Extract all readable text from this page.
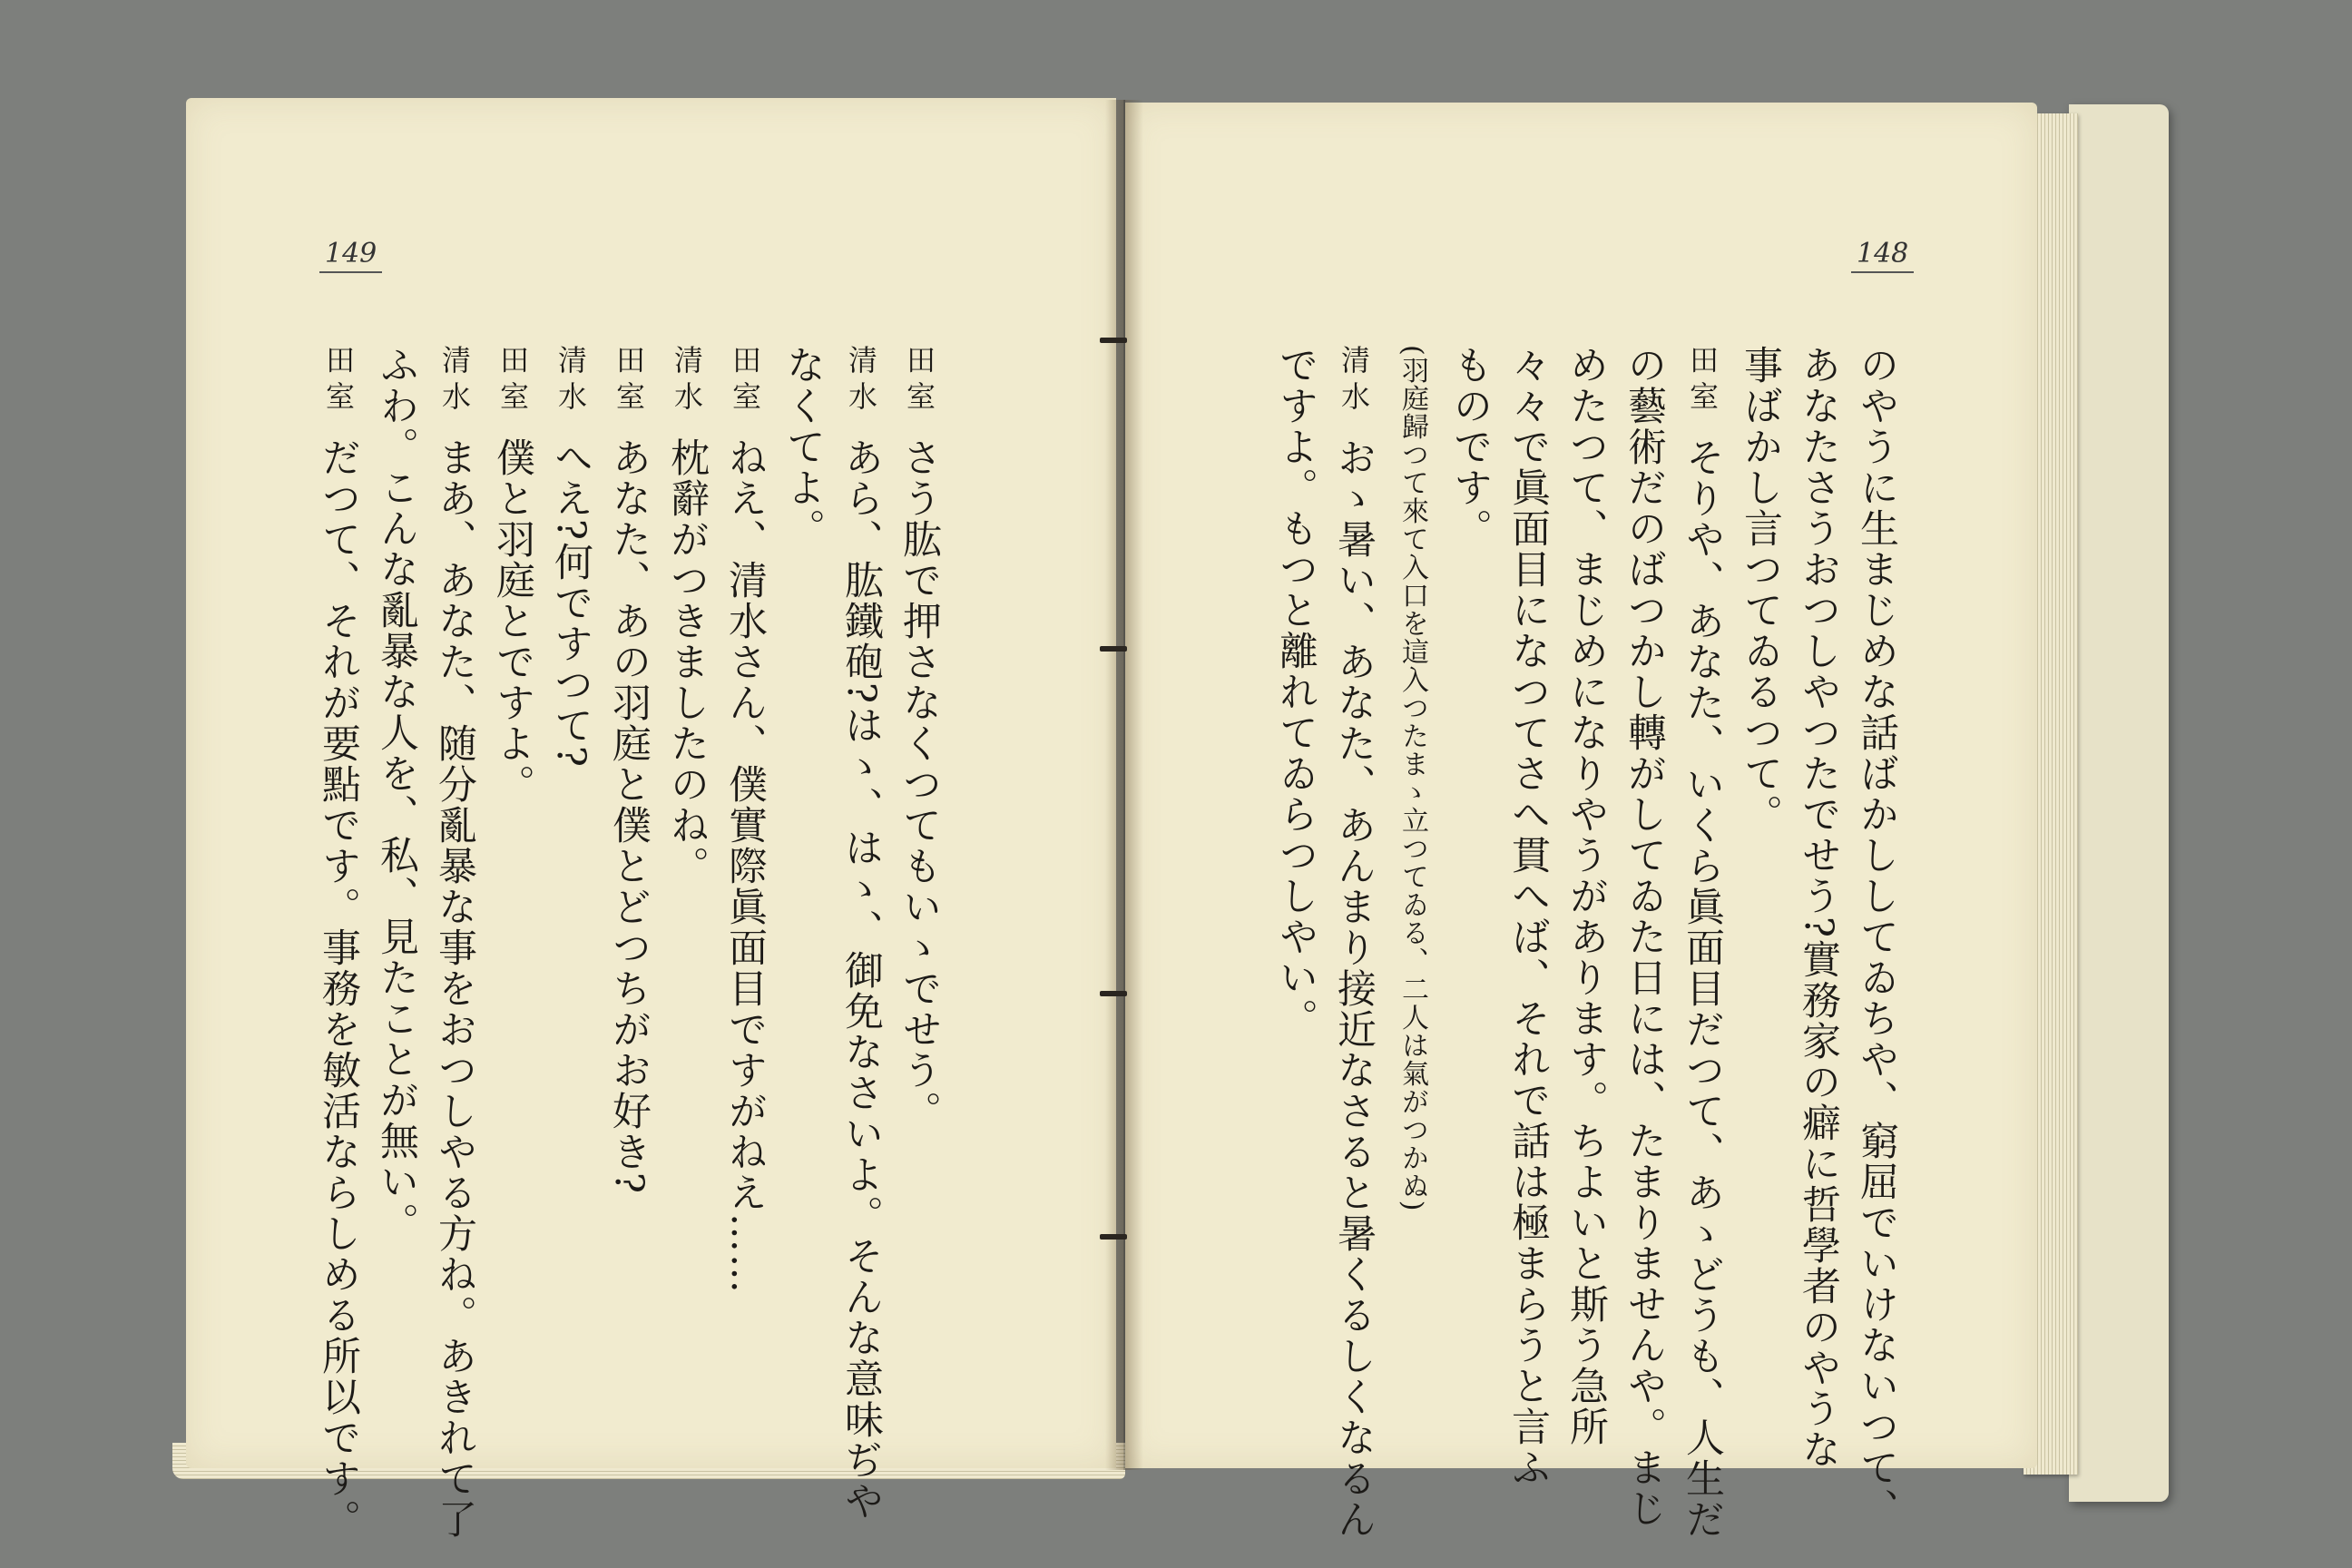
149	148
のやうに生まじめな話ばかししてゐちや、窮屈でいけないつて、
あなたさうおつしやつたでせう?實務家の癖に哲學者のやうな
事ばかし言つてゐるつて。
田室そりや、あなた、いくら眞面目だつて、あゝどうも、人生だ
の藝術だのばつかし轉がしてゐた日には、たまりませんや。まじ
めたつて、まじめになりやうがあります。ちよいと斯う急所
々々で眞面目になつてさへ貫へば、それで話は極まらうと言ふ
ものです。
(羽庭歸つて來て入口を這入つたまゝ立つてゐる、二人は氣がつかぬ)
清水おゝ暑い、あなた、あんまり接近なさると暑くるしくなるん
ですよ。もつと離れてゐらつしやい。
田室さう肱で押さなくつてもいゝでせう。
清水あら、肱鐵砲?はゝ、はゝ、御免なさいよ。そんな意味ぢや
なくてよ。
田室ねえ、清水さん、僕實際眞面目ですがねえ……
清水枕辭がつきましたのね。
田室あなた、あの羽庭と僕とどつちがお好き?
清水へえ?何ですつて?
田室僕と羽庭とですよ。
清水まあ、あなた、随分亂暴な事をおつしやる方ね。あきれて了
ふわ。こんな亂暴な人を、私、見たことが無い。
田室だつて、それが要點です。事務を敏活ならしめる所以です。
